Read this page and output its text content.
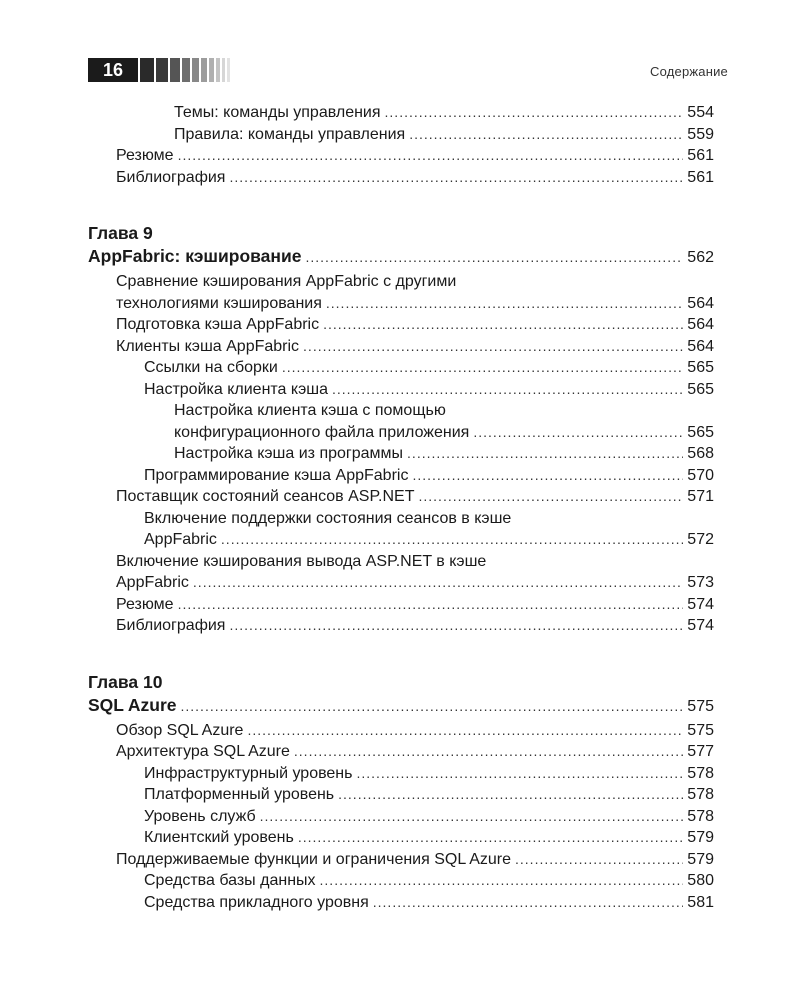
16	Содержание
Темы: команды управления .....	554
Правила: команды управления .....	559
Резюме .....	561
Библиография .....	561
Глава 9
AppFabric: кэширование .....	562
Сравнение кэширования AppFabric с другими
технологиями кэширования .....	564
Подготовка кэша AppFabric .....	564
Клиенты кэша AppFabric .....	564
Ссылки на сборки .....	565
Настройка клиента кэша .....	565
Настройка клиента кэша с помощью
конфигурационного файла приложения .....	565
Настройка кэша из программы .....	568
Программирование кэша AppFabric .....	570
Поставщик состояний сеансов ASP.NET .....	571
Включение поддержки состояния сеансов в кэше
AppFabric .....	572
Включение кэширования вывода ASP.NET в кэше
AppFabric .....	573
Резюме .....	574
Библиография .....	574
Глава 10
SQL Azure .....	575
Обзор SQL Azure .....	575
Архитектура SQL Azure .....	577
Инфраструктурный уровень .....	578
Платформенный уровень .....	578
Уровень служб .....	578
Клиентский уровень .....	579
Поддерживаемые функции и ограничения SQL Azure .....	579
Средства базы данных .....	580
Средства прикладного уровня .....	581
